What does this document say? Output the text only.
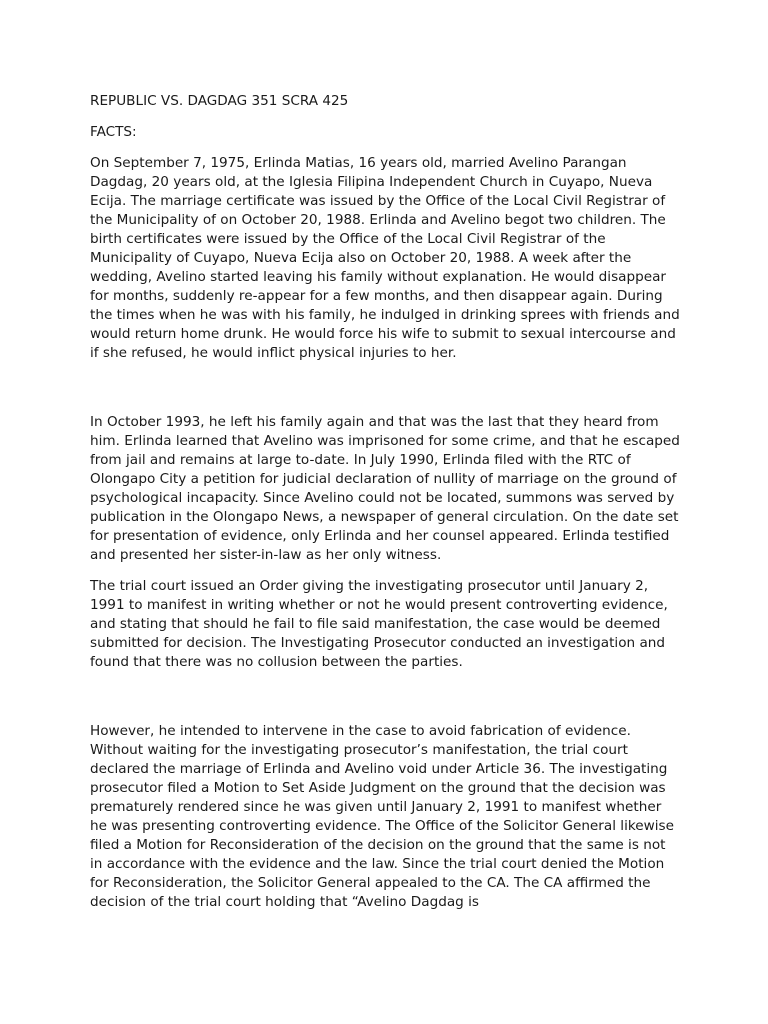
REPUBLIC VS. DAGDAG 351 SCRA 425

FACTS:

On September 7, 1975, Erlinda Matias, 16 years old, married Avelino Parangan Dagdag, 20 years old, at the Iglesia Filipina Independent Church in Cuyapo, Nueva Ecija. The marriage certificate was issued by the Office of the Local Civil Registrar of the Municipality of on October 20, 1988. Erlinda and Avelino begot two children. The birth certificates were issued by the Office of the Local Civil Registrar of the Municipality of Cuyapo, Nueva Ecija also on October 20, 1988. A week after the wedding, Avelino started leaving his family without explanation. He would disappear for months, suddenly re-appear for a few months, and then disappear again. During the times when he was with his family, he indulged in drinking sprees with friends and would return home drunk. He would force his wife to submit to sexual intercourse and if she refused, he would inflict physical injuries to her.

In October 1993, he left his family again and that was the last that they heard from him. Erlinda learned that Avelino was imprisoned for some crime, and that he escaped from jail and remains at large to-date. In July 1990, Erlinda filed with the RTC of Olongapo City a petition for judicial declaration of nullity of marriage on the ground of psychological incapacity. Since Avelino could not be located, summons was served by publication in the Olongapo News, a newspaper of general circulation. On the date set for presentation of evidence, only Erlinda and her counsel appeared. Erlinda testified and presented her sister-in-law as her only witness.

The trial court issued an Order giving the investigating prosecutor until January 2, 1991 to manifest in writing whether or not he would present controverting evidence, and stating that should he fail to file said manifestation, the case would be deemed submitted for decision. The Investigating Prosecutor conducted an investigation and found that there was no collusion between the parties.

However, he intended to intervene in the case to avoid fabrication of evidence. Without waiting for the investigating prosecutor’s manifestation, the trial court declared the marriage of Erlinda and Avelino void under Article 36. The investigating prosecutor filed a Motion to Set Aside Judgment on the ground that the decision was prematurely rendered since he was given until January 2, 1991 to manifest whether he was presenting controverting evidence. The Office of the Solicitor General likewise filed a Motion for Reconsideration of the decision on the ground that the same is not in accordance with the evidence and the law. Since the trial court denied the Motion for Reconsideration, the Solicitor General appealed to the CA. The CA affirmed the decision of the trial court holding that “Avelino Dagdag is
